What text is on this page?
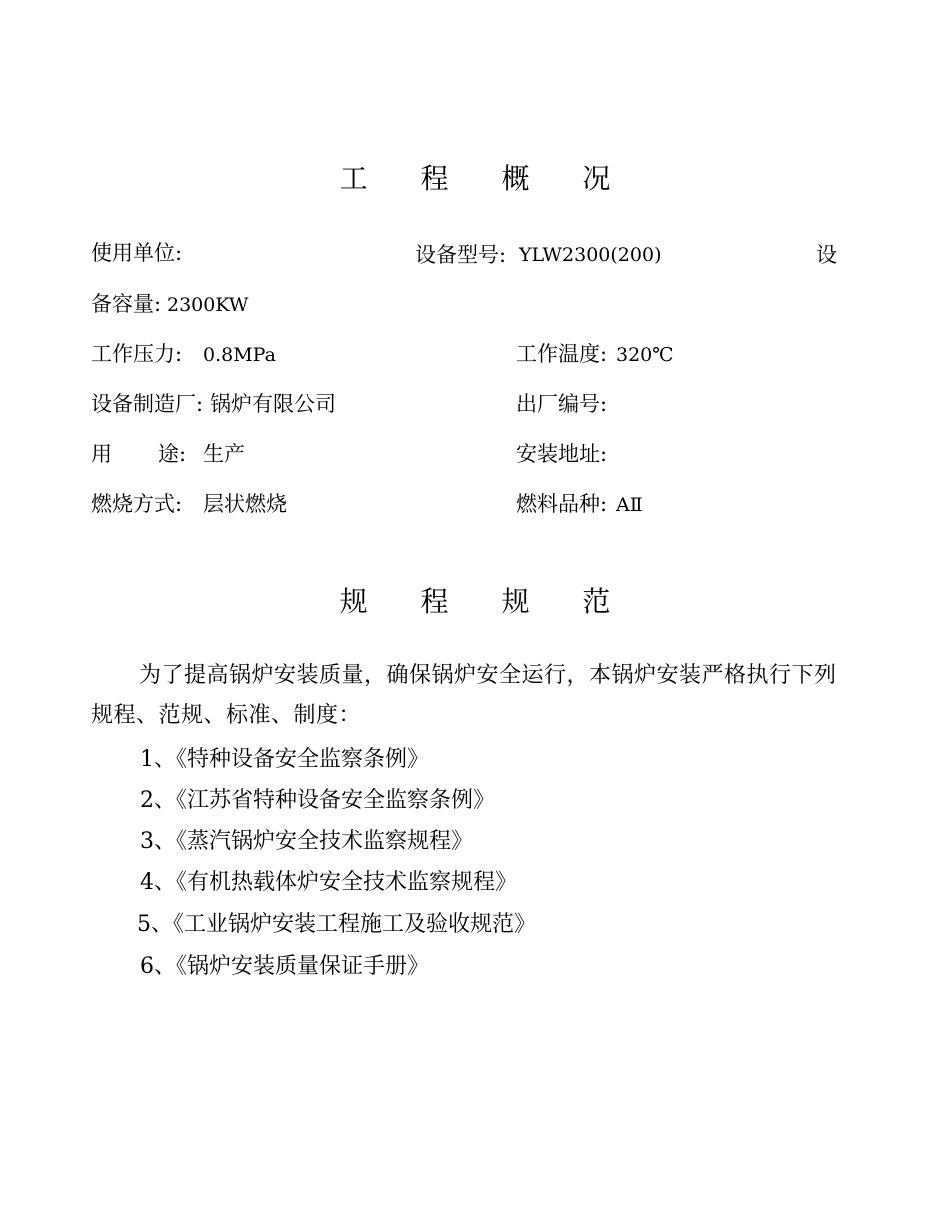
工 程 概 况
使用单位:	设备型号: YLW2300(200)	设
备容量: 2300KW
工作压力: 0.8MPa	工作温度: 320℃
设备制造厂: 锅炉有限公司	出厂编号:
用 途: 生产	安装地址:
燃烧方式: 层状燃烧	燃料品种: AⅡ
规 程 规 范
为了提高锅炉安装质量，确保锅炉安全运行，本锅炉安装严格执行下列规程、范规、标准、制度：
1、《特种设备安全监察条例》
2、《江苏省特种设备安全监察条例》
3、《蒸汽锅炉安全技术监察规程》
4、《有机热载体炉安全技术监察规程》
5、《工业锅炉安装工程施工及验收规范》
6、《锅炉安装质量保证手册》
